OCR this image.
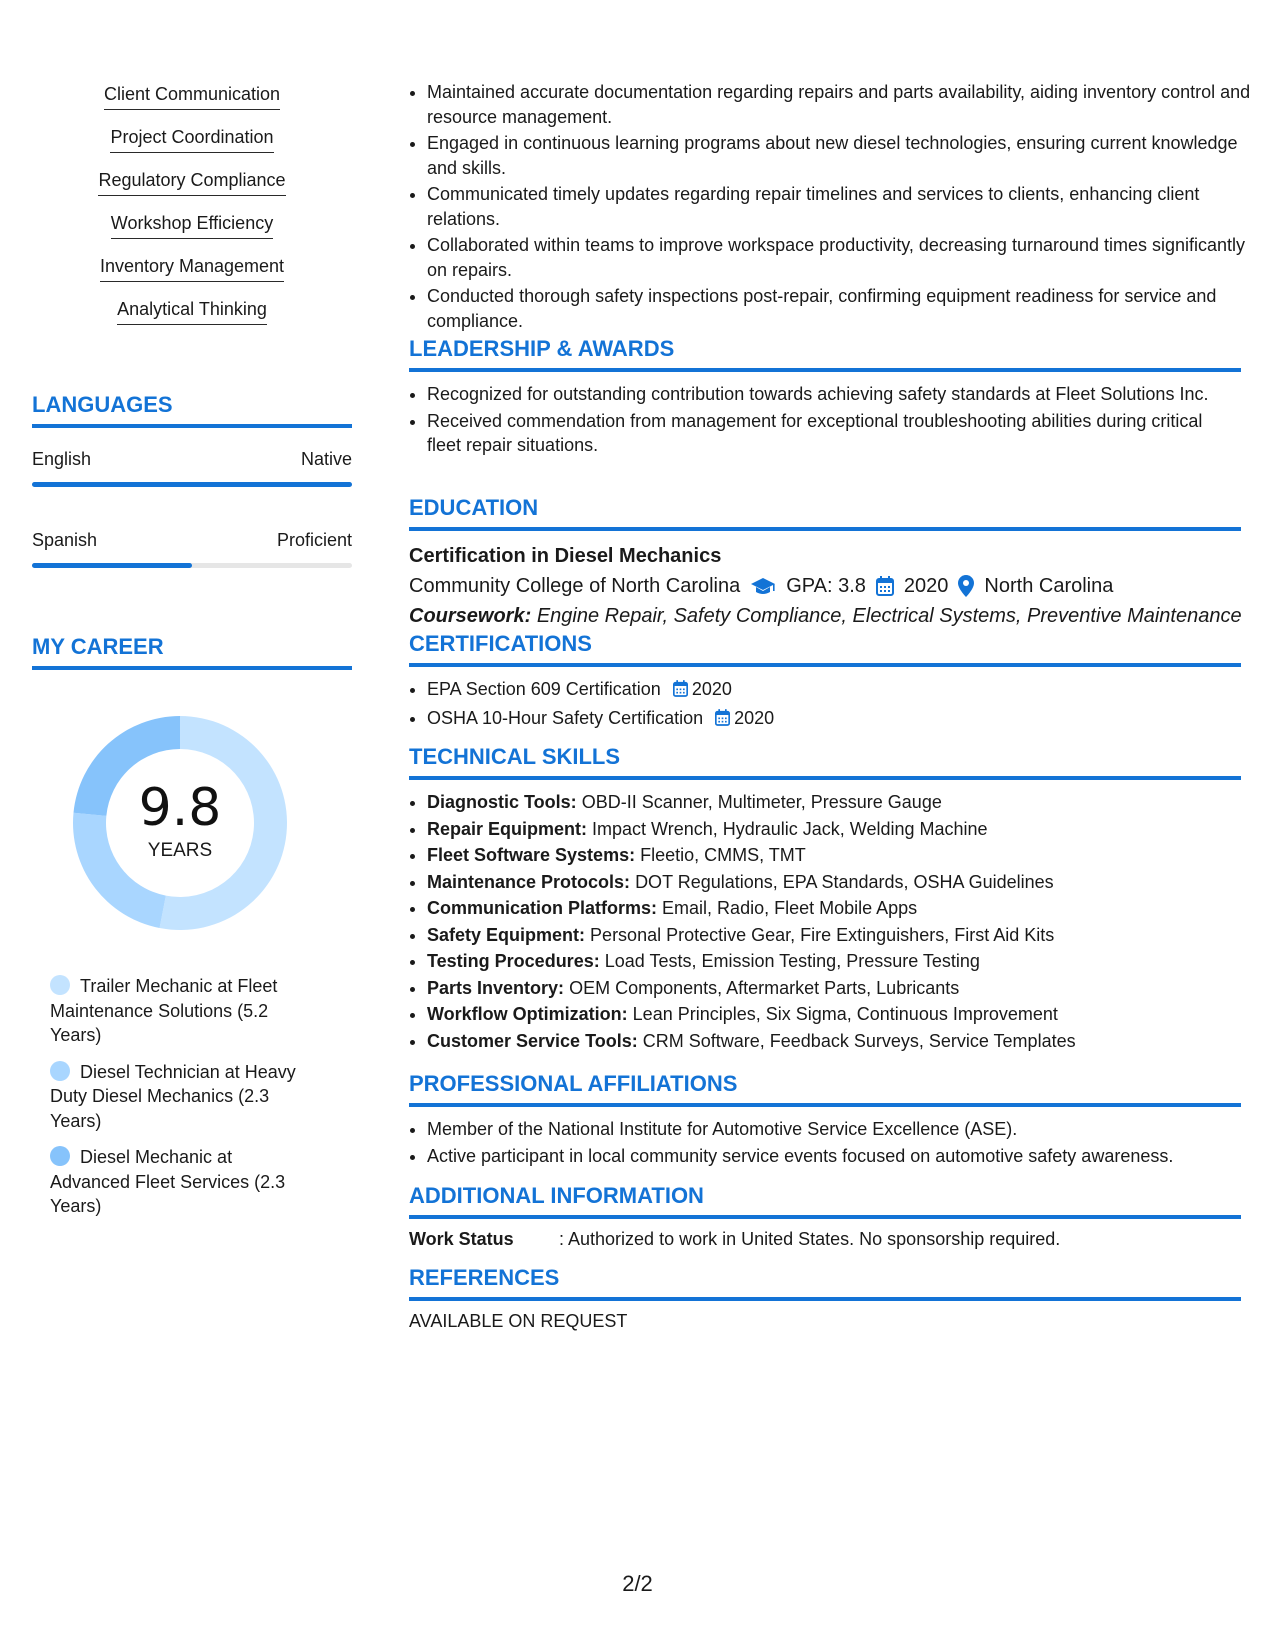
Client Communication
Project Coordination
Regulatory Compliance
Workshop Efficiency
Inventory Management
Analytical Thinking
LANGUAGES
English	Native
Spanish	Proficient
MY CAREER
9.8
YEARS
Trailer Mechanic at Fleet Maintenance Solutions (5.2 Years)
Diesel Technician at Heavy Duty Diesel Mechanics (2.3 Years)
Diesel Mechanic at Advanced Fleet Services (2.3 Years)
• Maintained accurate documentation regarding repairs and parts availability, aiding inventory control and resource management.
• Engaged in continuous learning programs about new diesel technologies, ensuring current knowledge and skills.
• Communicated timely updates regarding repair timelines and services to clients, enhancing client relations.
• Collaborated within teams to improve workspace productivity, decreasing turnaround times significantly on repairs.
• Conducted thorough safety inspections post-repair, confirming equipment readiness for service and compliance.
LEADERSHIP & AWARDS
• Recognized for outstanding contribution towards achieving safety standards at Fleet Solutions Inc.
• Received commendation from management for exceptional troubleshooting abilities during critical fleet repair situations.
EDUCATION
Certification in Diesel Mechanics
Community College of North Carolina GPA: 3.8 2020 North Carolina
Coursework: Engine Repair, Safety Compliance, Electrical Systems, Preventive Maintenance
CERTIFICATIONS
• EPA Section 609 Certification 2020
• OSHA 10-Hour Safety Certification 2020
TECHNICAL SKILLS
• Diagnostic Tools: OBD-II Scanner, Multimeter, Pressure Gauge
• Repair Equipment: Impact Wrench, Hydraulic Jack, Welding Machine
• Fleet Software Systems: Fleetio, CMMS, TMT
• Maintenance Protocols: DOT Regulations, EPA Standards, OSHA Guidelines
• Communication Platforms: Email, Radio, Fleet Mobile Apps
• Safety Equipment: Personal Protective Gear, Fire Extinguishers, First Aid Kits
• Testing Procedures: Load Tests, Emission Testing, Pressure Testing
• Parts Inventory: OEM Components, Aftermarket Parts, Lubricants
• Workflow Optimization: Lean Principles, Six Sigma, Continuous Improvement
• Customer Service Tools: CRM Software, Feedback Surveys, Service Templates
PROFESSIONAL AFFILIATIONS
• Member of the National Institute for Automotive Service Excellence (ASE).
• Active participant in local community service events focused on automotive safety awareness.
ADDITIONAL INFORMATION
Work Status	: Authorized to work in United States. No sponsorship required.
REFERENCES
AVAILABLE ON REQUEST
2/2
